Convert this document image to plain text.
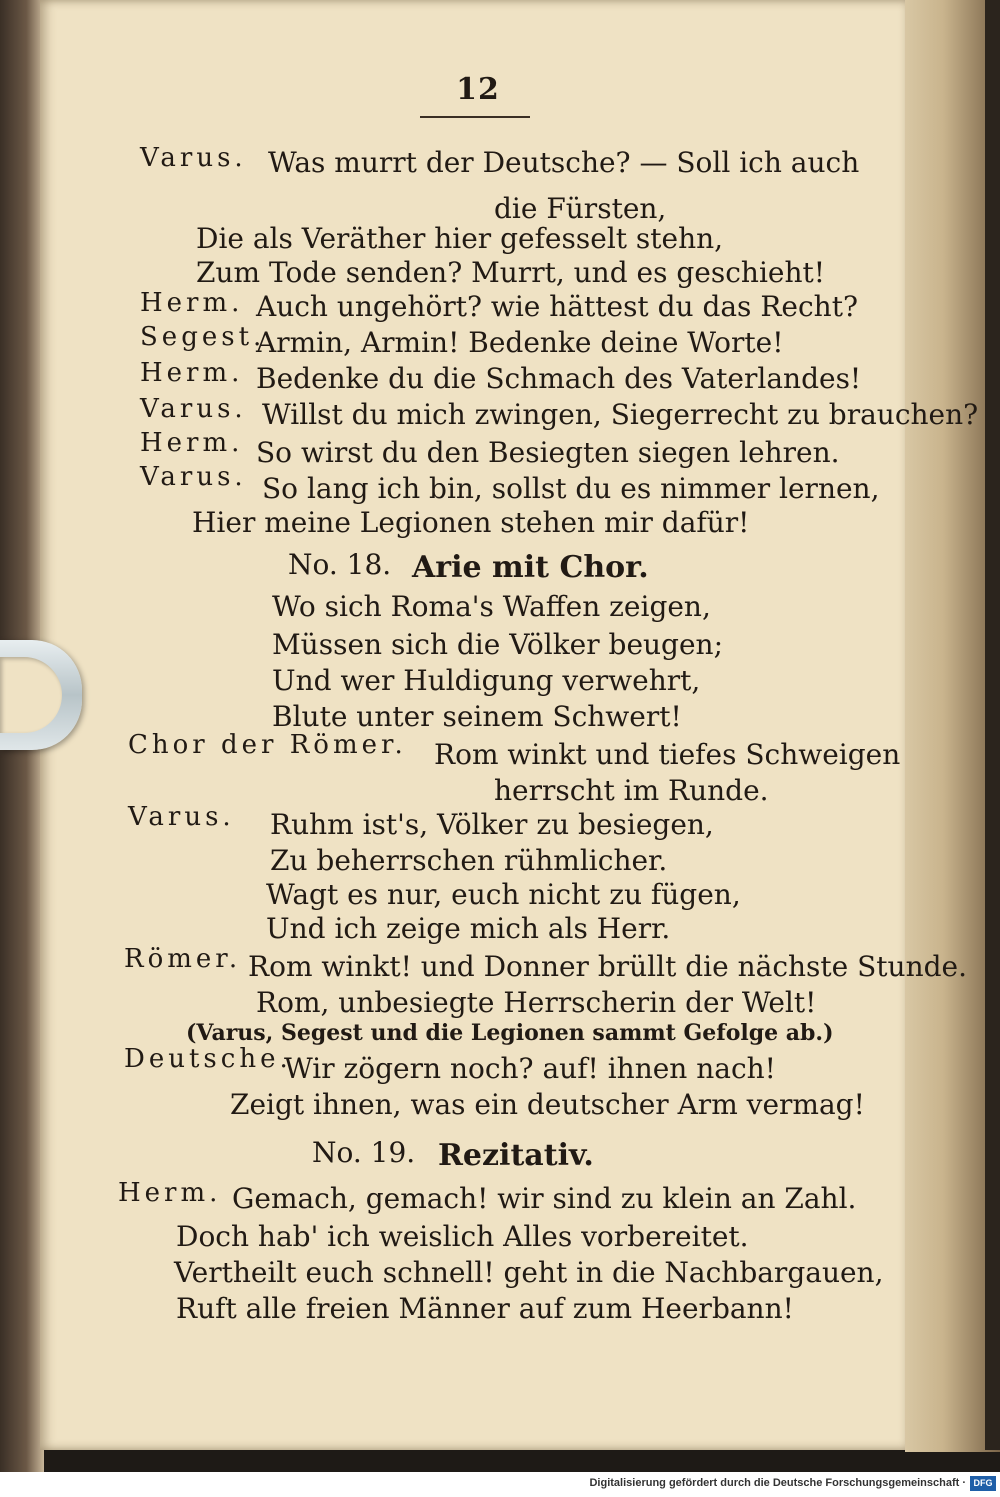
12
Varus. Was murrt der Deutsche? — Soll ich auch
die Fürsten,
Die als Veräther hier gefesselt stehn,
Zum Tode senden? Murrt, und es geschieht!
Herm. Auch ungehört? wie hättest du das Recht?
Segest.
Armin, Armin! Bedenke deine Worte!
Herm. Bedenke du die Schmach des Vaterlandes!
Varus. Willst du mich zwingen, Siegerrecht zu brauchen?
Herm. So wirst du den Besiegten siegen lehren.
Varus. So lang ich bin, sollst du es nimmer lernen,
Hier meine Legionen stehen mir dafür!
No. 18. Arie mit Chor.
Wo sich Roma's Waffen zeigen,
Müssen sich die Völker beugen;
Und wer Huldigung verwehrt,
Blute unter seinem Schwert!
Chor der Römer. Rom winkt und tiefes Schweigen
herrscht im Runde.
Varus. Ruhm ist's, Völker zu besiegen,
Zu beherrschen rühmlicher.
Wagt es nur, euch nicht zu fügen,
Und ich zeige mich als Herr.
Römer. Rom winkt! und Donner brüllt die nächste Stunde.
Rom, unbesiegte Herrscherin der Welt!
(Varus, Segest und die Legionen sammt Gefolge ab.)
Deutsche.
Wir zögern noch? auf! ihnen nach!
Zeigt ihnen, was ein deutscher Arm vermag!
No. 19. Rezitativ.
Herm. Gemach, gemach! wir sind zu klein an Zahl.
Doch hab' ich weislich Alles vorbereitet.
Vertheilt euch schnell! geht in die Nachbargauen,
Ruft alle freien Männer auf zum Heerbann!
Digitalisierung gefördert durch die Deutsche Forschungsgemeinschaft · DFG
